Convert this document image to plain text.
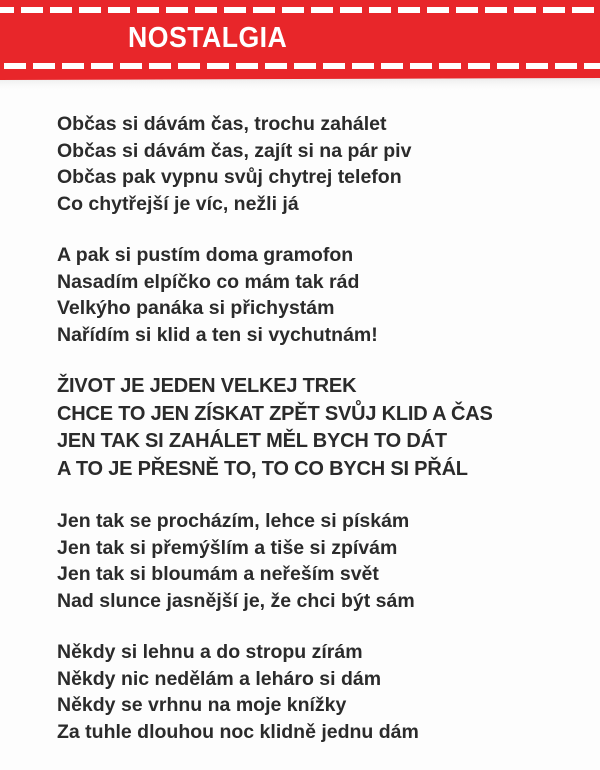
NOSTALGIA
Občas si dávám čas, trochu zahálet
Občas si dávám čas, zajít si na pár piv
Občas pak vypnu svůj chytrej telefon
Co chytřejší je víc, nežli já
A pak si pustím doma gramofon
Nasadím elpíčko co mám tak rád
Velkýho panáka si přichystám
Nařídím si klid a ten si vychutnám!
ŽIVOT JE JEDEN VELKEJ TREK
CHCE TO JEN ZÍSKAT ZPĚT SVŮJ KLID A ČAS
JEN TAK SI ZAHÁLET MĚL BYCH TO DÁT
A TO JE PŘESNĚ TO, TO CO BYCH SI PŘÁL
Jen tak se procházím, lehce si pískám
Jen tak si přemýšlím a tiše si zpívám
Jen tak si bloumám a neřeším svět
Nad slunce jasnější je, že chci být sám
Někdy si lehnu a do stropu zírám
Někdy nic nedělám a leháro si dám
Někdy se vrhnu na moje knížky
Za tuhle dlouhou noc klidně jednu dám
